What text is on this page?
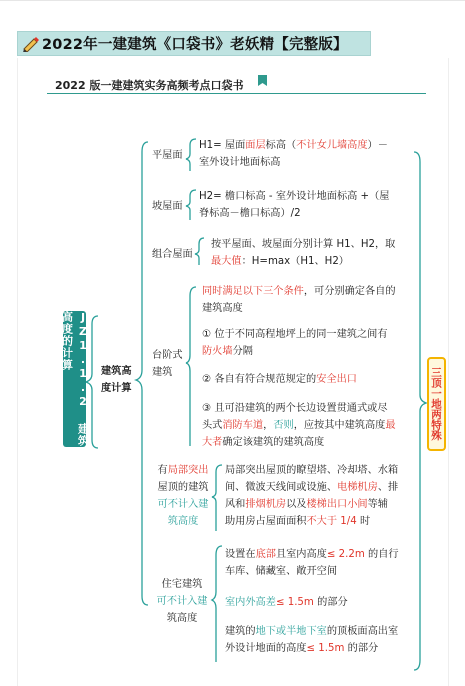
2022年一建建筑《口袋书》老妖精【完整版】
2022 版一建建筑实务高频考点口袋书
JZ1.1.2 建筑高度的计算
建筑高度计算	三顶一地两特殊
平屋面
H1= 屋面面层标高（不计女儿墙高度）－
室外设计地面标高
坡屋面
H2= 檐口标高 - 室外设计地面标高 +（屋
脊标高－檐口标高）/2
组合屋面
按平屋面、坡屋面分别计算 H1、H2，取
最大值：H=max（H1、H2）
台阶式
建筑
同时满足以下三个条件，可分别确定各自的
建筑高度
① 位于不同高程地坪上的同一建筑之间有
防火墙分隔
② 各自有符合规范规定的安全出口
③ 且可沿建筑的两个长边设置贯通式或尽
头式消防车道，否则，应按其中建筑高度最
大者确定该建筑的建筑高度
有局部突出
屋顶的建筑
可不计入建
筑高度
局部突出屋顶的瞭望塔、冷却塔、水箱
间、微波天线间或设施、电梯机房、排
风和排烟机房以及楼梯出口小间等辅
助用房占屋面面积不大于 1/4 时
住宅建筑
可不计入建
筑高度
设置在底部且室内高度≤ 2.2m 的自行
车库、储藏室、敞开空间
室内外高差≤ 1.5m 的部分
建筑的地下或半地下室的顶板面高出室
外设计地面的高度≤ 1.5m 的部分
